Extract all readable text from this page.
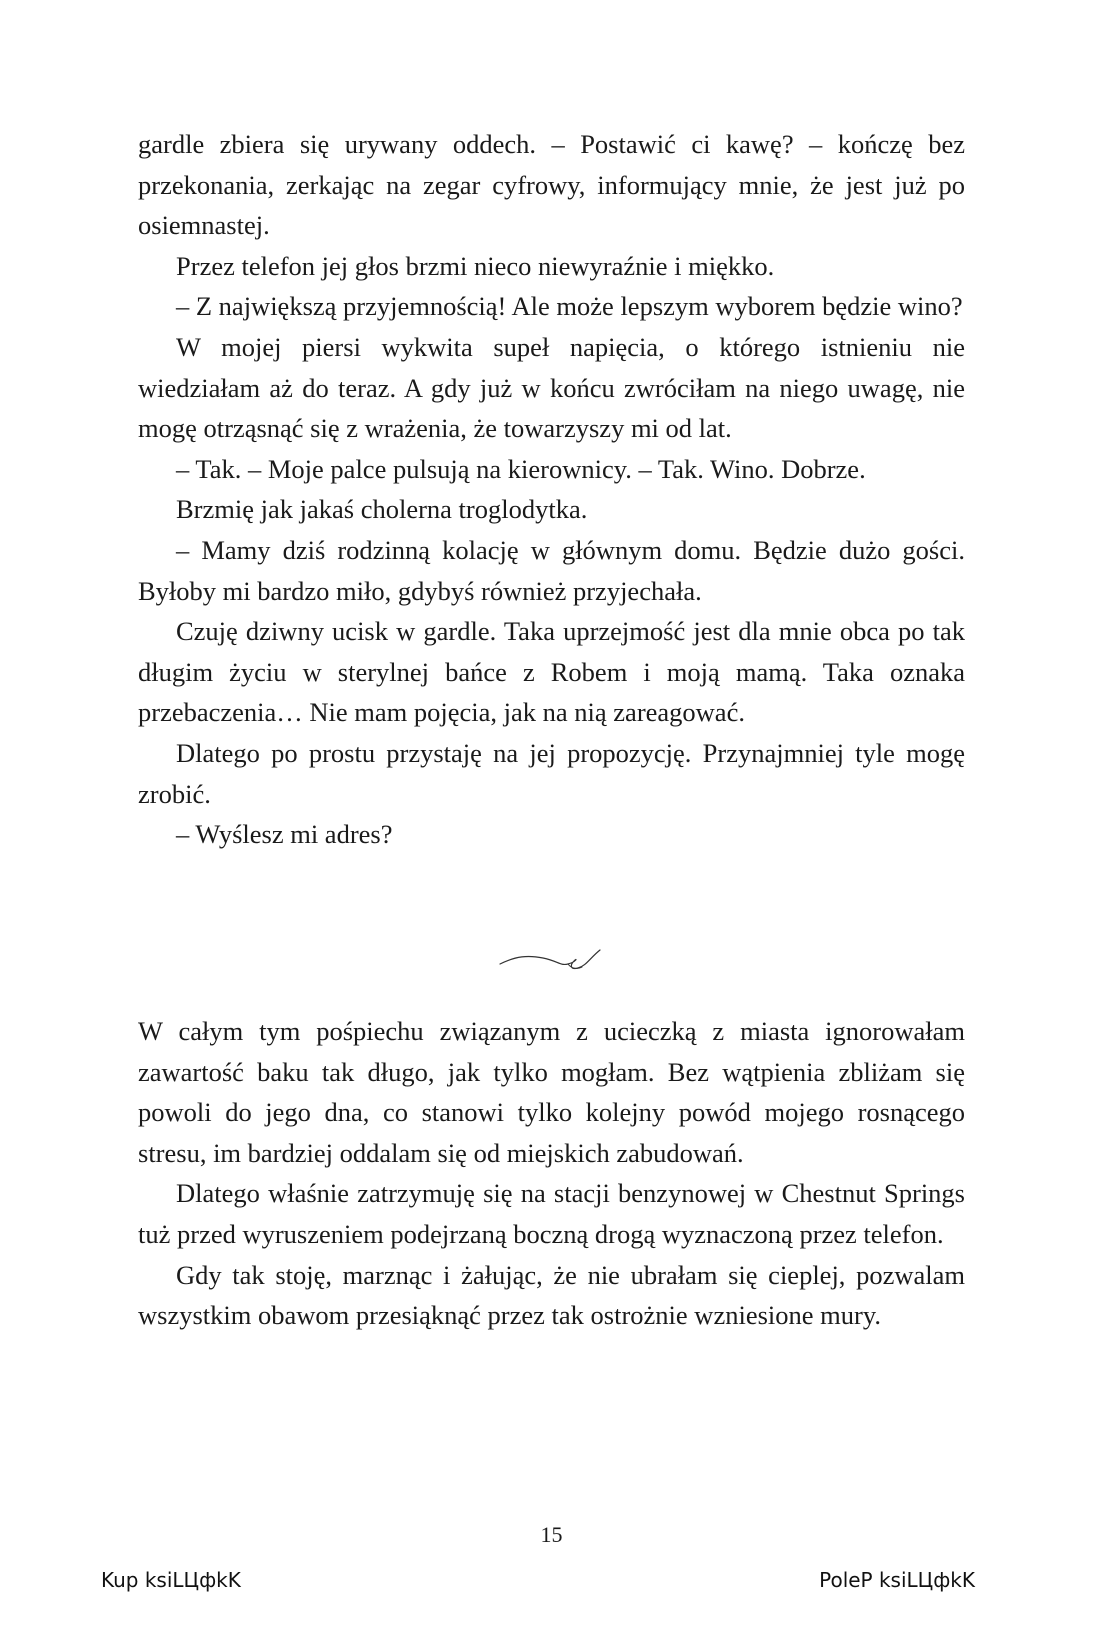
gardle zbiera się urywany oddech. – Postawić ci kawę? – kończę bez przekonania, zerkając na zegar cyfrowy, informujący mnie, że jest już po osiemnastej.

Przez telefon jej głos brzmi nieco niewyraźnie i miękko.

– Z największą przyjemnością! Ale może lepszym wyborem będzie wino?

W mojej piersi wykwita supeł napięcia, o którego istnieniu nie wiedziałam aż do teraz. A gdy już w końcu zwróciłam na niego uwagę, nie mogę otrząsnąć się z wrażenia, że towarzyszy mi od lat.

– Tak. – Moje palce pulsują na kierownicy. – Tak. Wino. Dobrze.

Brzmię jak jakaś cholerna troglodytka.

– Mamy dziś rodzinną kolację w głównym domu. Będzie dużo gości. Byłoby mi bardzo miło, gdybyś również przyjechała.

Czuję dziwny ucisk w gardle. Taka uprzejmość jest dla mnie obca po tak długim życiu w sterylnej bańce z Robem i moją mamą. Taka oznaka przebaczenia… Nie mam pojęcia, jak na nią zareagować.

Dlatego po prostu przystaję na jej propozycję. Przynajmniej tyle mogę zrobić.

– Wyślesz mi adres?

W całym tym pośpiechu związanym z ucieczką z miasta ignorowałam zawartość baku tak długo, jak tylko mogłam. Bez wątpienia zbliżam się powoli do jego dna, co stanowi tylko kolejny powód mojego rosnącego stresu, im bardziej oddalam się od miejskich zabudowań.

Dlatego właśnie zatrzymuję się na stacji benzynowej w Chestnut Springs tuż przed wyruszeniem podejrzaną boczną drogą wyznaczoną przez telefon.

Gdy tak stoję, marznąc i żałując, że nie ubrałam się cieplej, pozwalam wszystkim obawom przesiąknąć przez tak ostrożnie wzniesione mury.

15
Kup ksiLЦфkK	PoleP ksiLЦфkK
